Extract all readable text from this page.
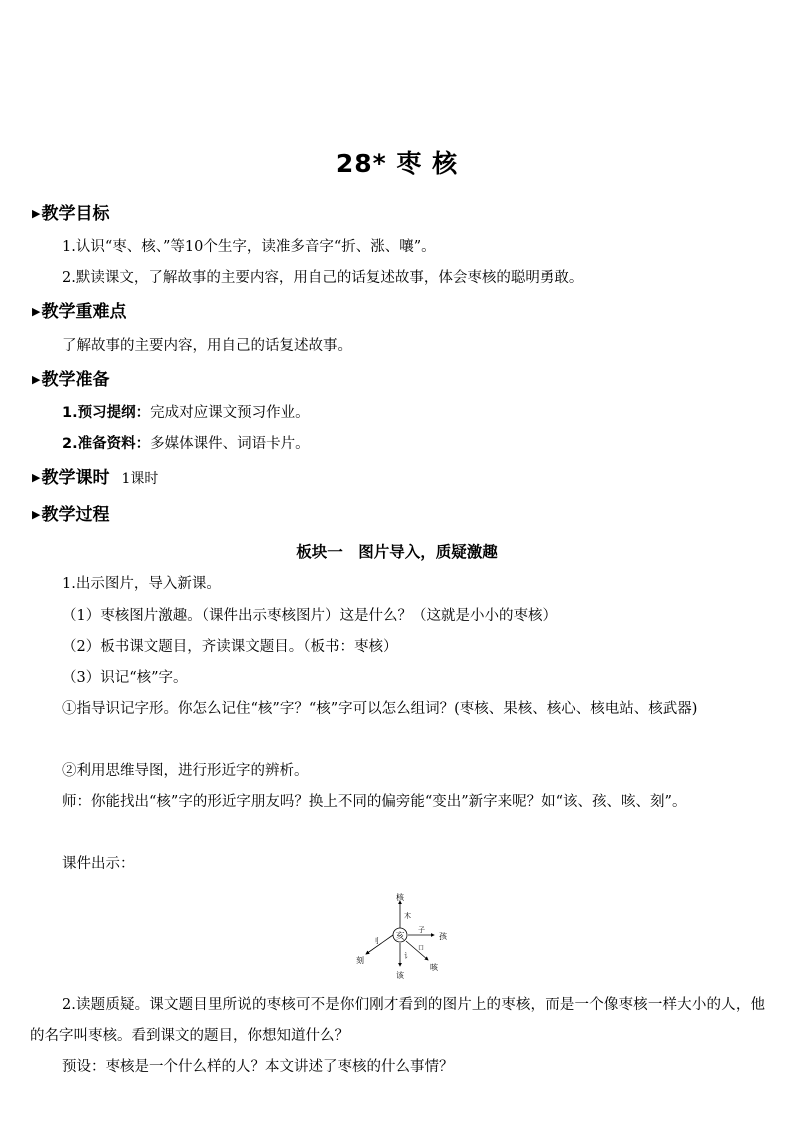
28* 枣 核
▶教学目标
1.认识“枣、核、”等10个生字，读准多音字“折、涨、嚷”。
2.默读课文，了解故事的主要内容，用自己的话复述故事，体会枣核的聪明勇敢。
▶教学重难点
了解故事的主要内容，用自己的话复述故事。
▶教学准备
1.预习提纲：完成对应课文预习作业。
2.准备资料：多媒体课件、词语卡片。
▶教学课时 1课时
▶教学过程
板块一　图片导入，质疑激趣
1.出示图片，导入新课。
（1）枣核图片激趣。（课件出示枣核图片）这是什么？（这就是小小的枣核）
（2）板书课文题目，齐读课文题目。（板书：枣核）
（3）识记“核”字。
①指导识记字形。你怎么记住“核”字？“核”字可以怎么组词？(枣核、果核、核心、核电站、核武器)
②利用思维导图，进行形近字的辨析。
师：你能找出“核”字的形近字朋友吗？换上不同的偏旁能“变出”新字来呢？如“该、孩、咳、刻”。
课件出示：
亥
核
木
孩
子
该
讠
刻
刂
咳
口
2.读题质疑。课文题目里所说的枣核可不是你们刚才看到的图片上的枣核，而是一个像枣核一样大小的人，他的名字叫枣核。看到课文的题目，你想知道什么？
预设：枣核是一个什么样的人？本文讲述了枣核的什么事情？
